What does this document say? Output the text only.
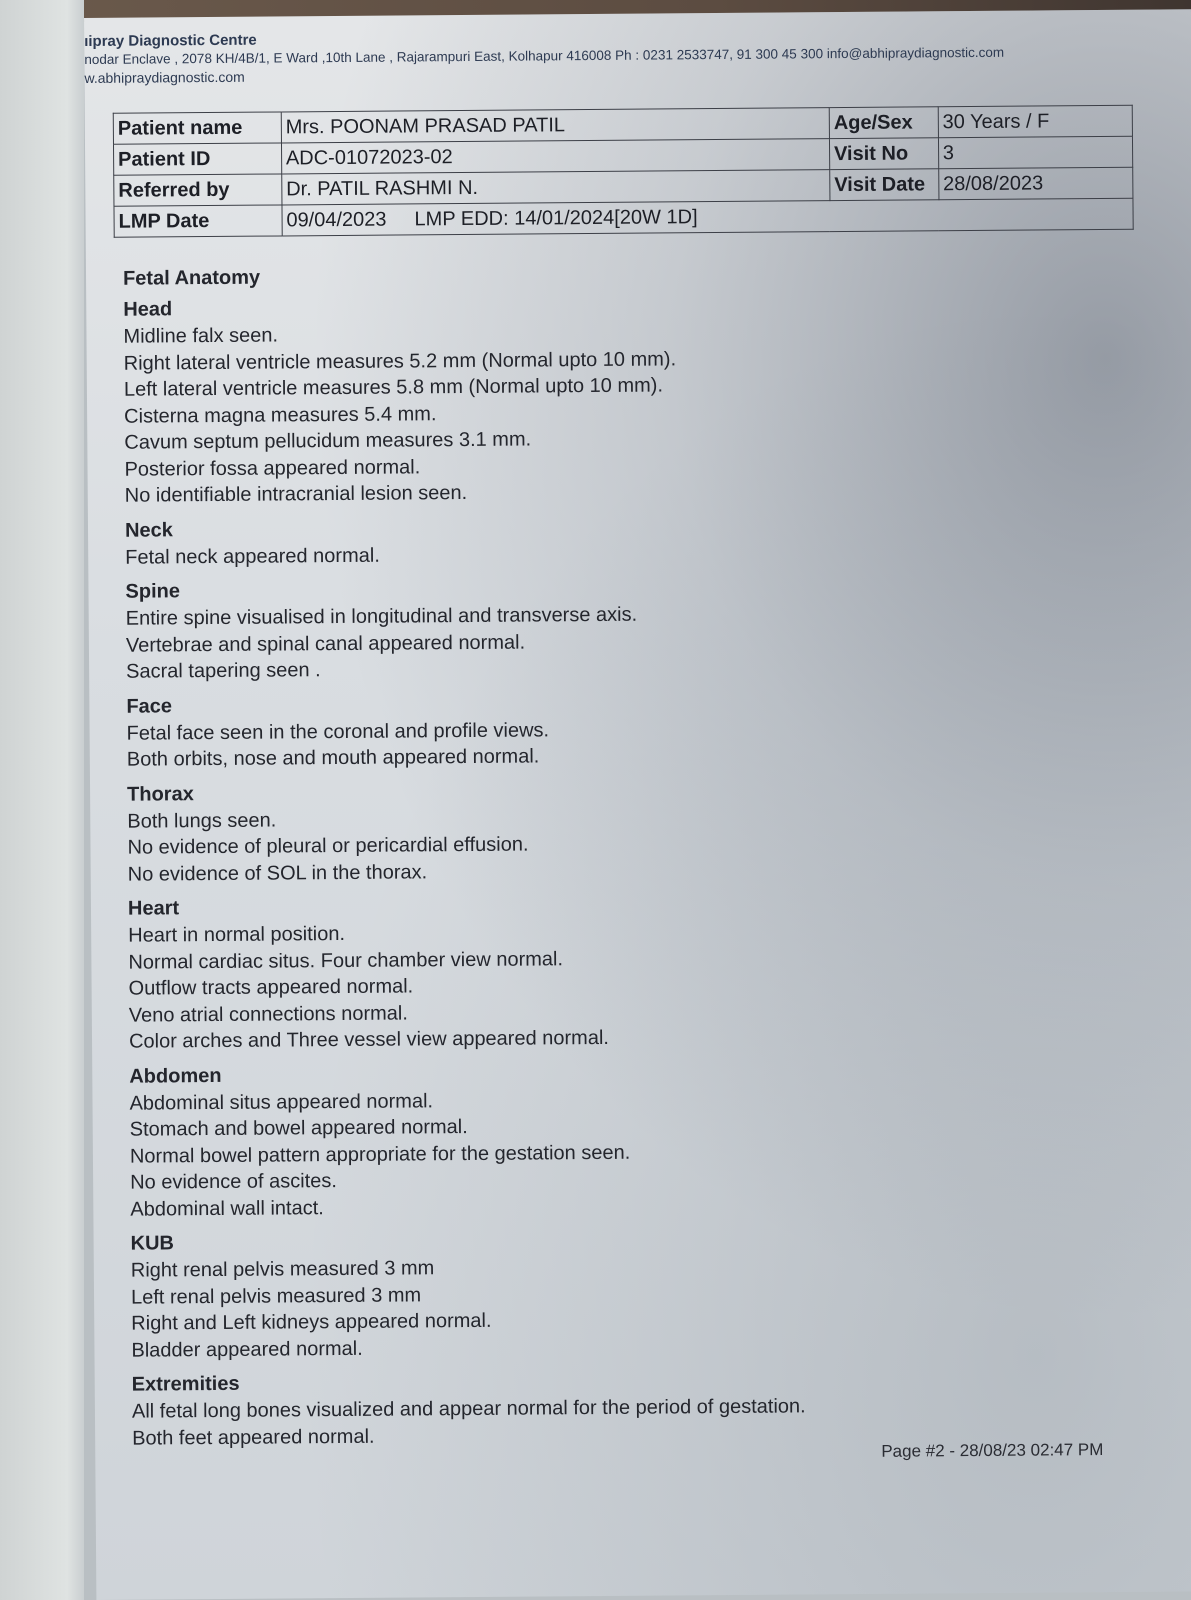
ıipray Diagnostic Centre
nodar Enclave , 2078 KH/4B/1, E Ward ,10th Lane , Rajarampuri East, Kolhapur 416008 Ph : 0231 2533747, 91 300 45 300 info@abhipraydiagnostic.com
w.abhipraydiagnostic.com
Patient name	Mrs. POONAM PRASAD PATIL	Age/Sex	30 Years / F
Patient ID	ADC-01072023-02	Visit No	3
Referred by	Dr. PATIL RASHMI N.	Visit Date	28/08/2023
LMP Date	09/04/2023 LMP EDD: 14/01/2024[20W 1D]		
Fetal Anatomy
Head
Midline falx seen.
Right lateral ventricle measures 5.2 mm (Normal upto 10 mm).
Left lateral ventricle measures 5.8 mm (Normal upto 10 mm).
Cisterna magna measures 5.4 mm.
Cavum septum pellucidum measures 3.1 mm.
Posterior fossa appeared normal.
No identifiable intracranial lesion seen.
Neck
Fetal neck appeared normal.
Spine
Entire spine visualised in longitudinal and transverse axis.
Vertebrae and spinal canal appeared normal.
Sacral tapering seen .
Face
Fetal face seen in the coronal and profile views.
Both orbits, nose and mouth appeared normal.
Thorax
Both lungs seen.
No evidence of pleural or pericardial effusion.
No evidence of SOL in the thorax.
Heart
Heart in normal position.
Normal cardiac situs. Four chamber view normal.
Outflow tracts appeared normal.
Veno atrial connections normal.
Color arches and Three vessel view appeared normal.
Abdomen
Abdominal situs appeared normal.
Stomach and bowel appeared normal.
Normal bowel pattern appropriate for the gestation seen.
No evidence of ascites.
Abdominal wall intact.
KUB
Right renal pelvis measured 3 mm
Left renal pelvis measured 3 mm
Right and Left kidneys appeared normal.
Bladder appeared normal.
Extremities
All fetal long bones visualized and appear normal for the period of gestation.
Both feet appeared normal.
Page #2 - 28/08/23 02:47 PM
